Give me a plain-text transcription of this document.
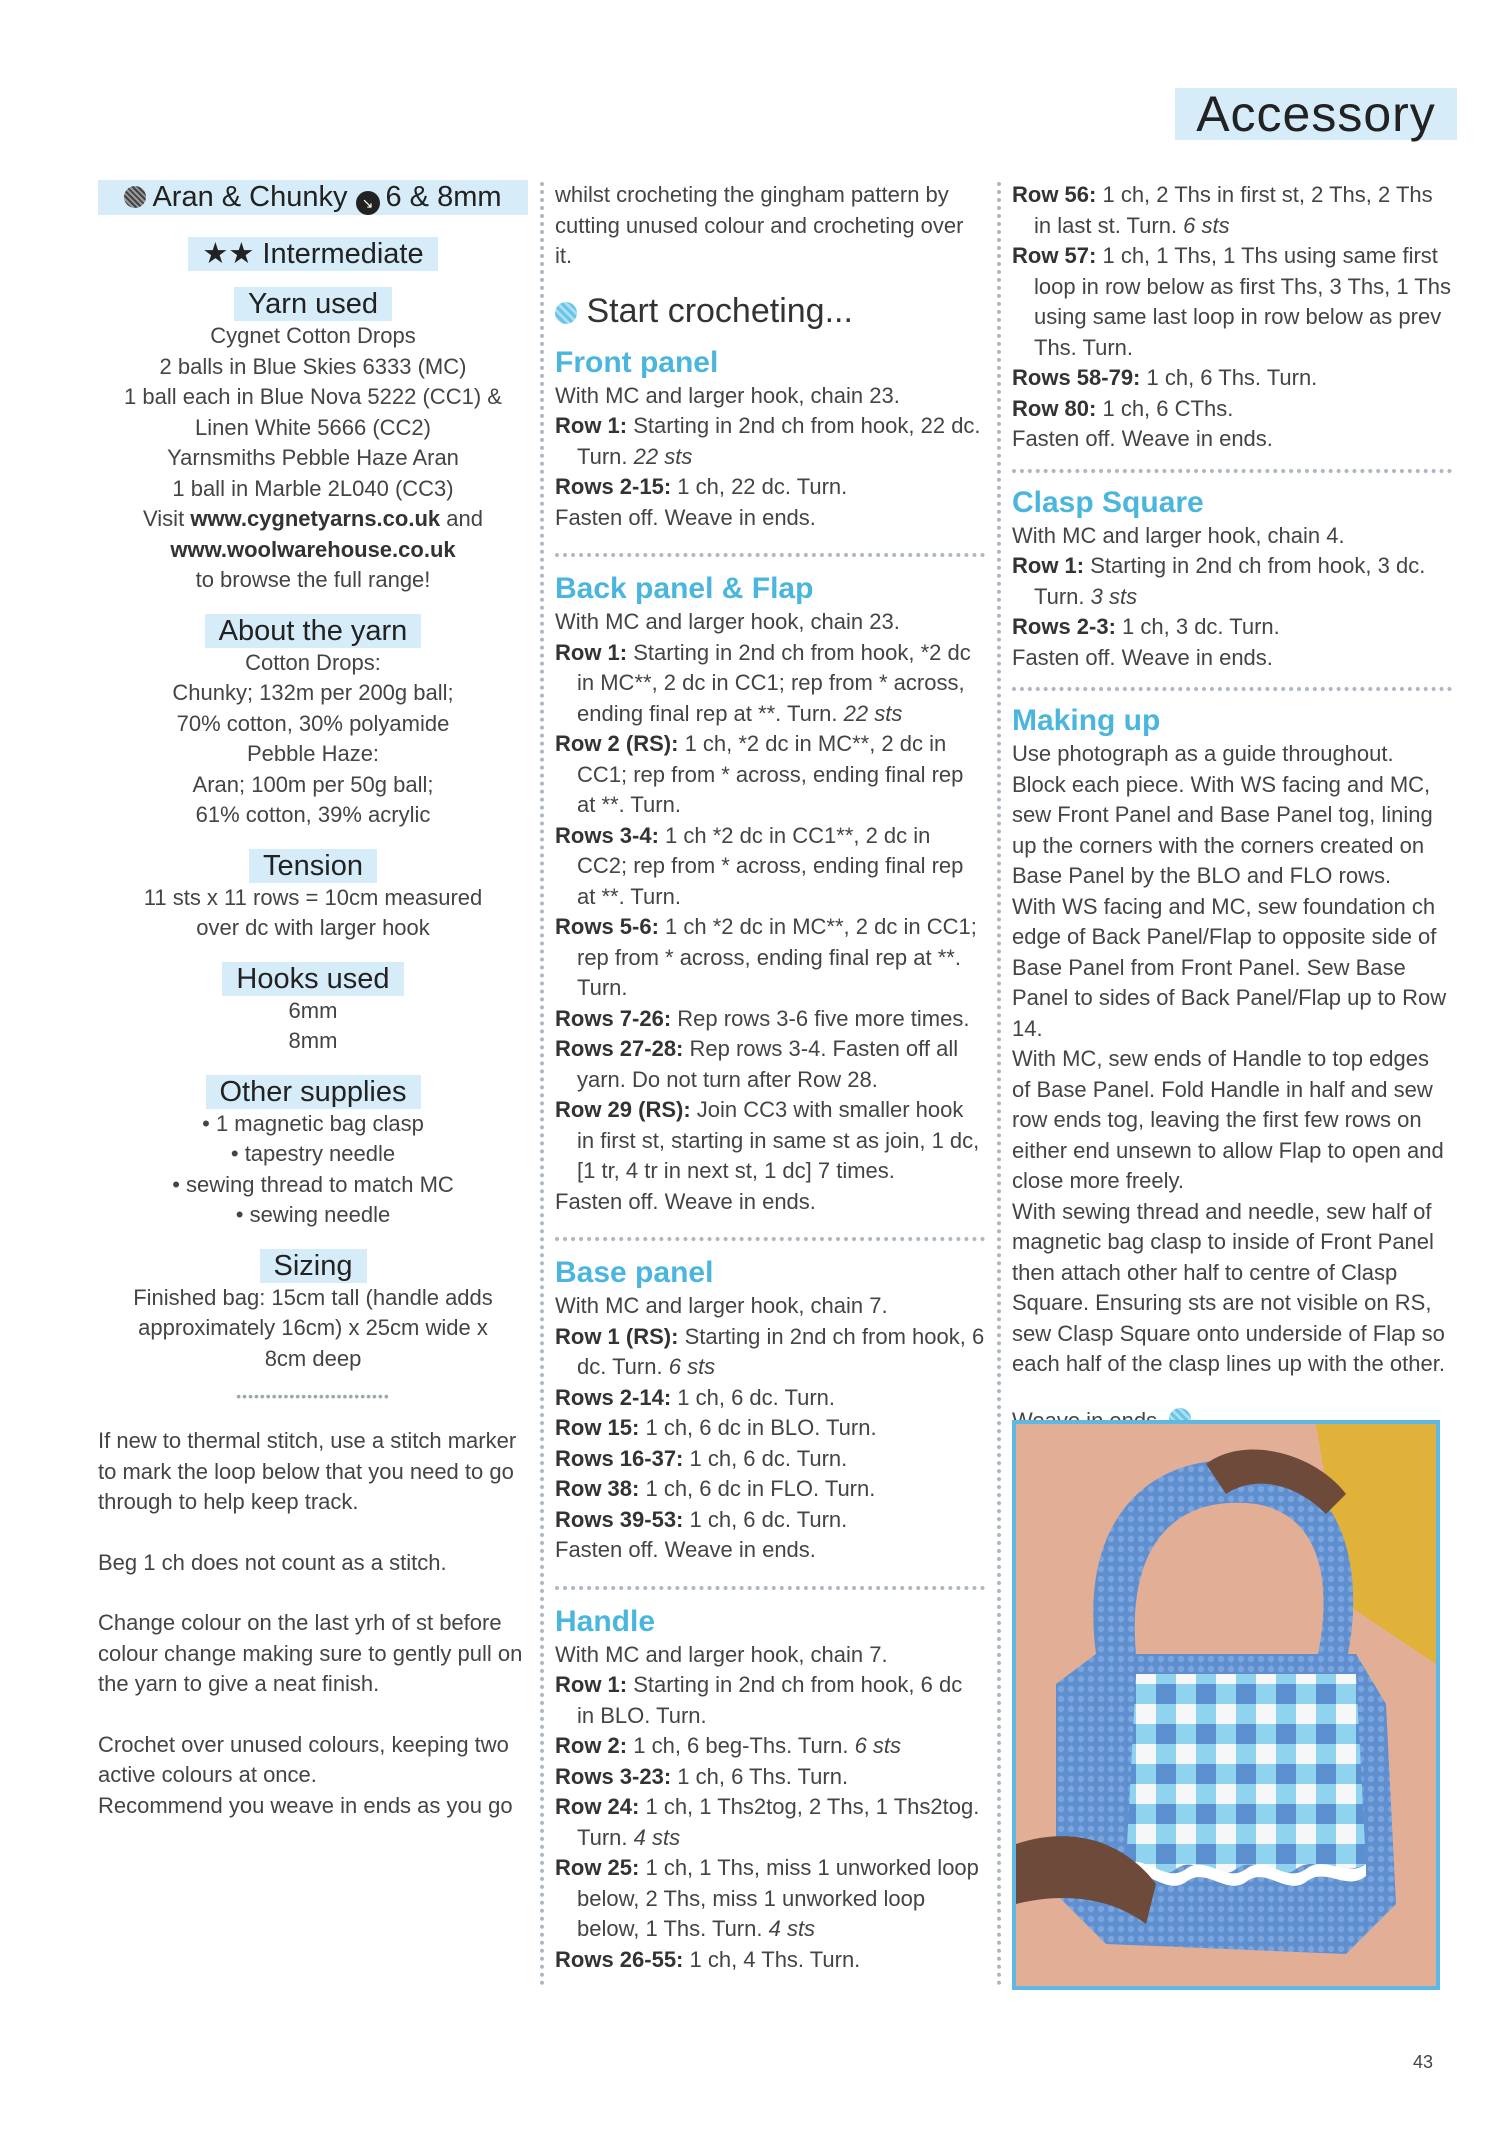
Accessory
Aran & Chunky ↘ 6 & 8mm
★★ Intermediate
Yarn used
Cygnet Cotton Drops
2 balls in Blue Skies 6333 (MC)
1 ball each in Blue Nova 5222 (CC1) &
Linen White 5666 (CC2)
Yarnsmiths Pebble Haze Aran
1 ball in Marble 2L040 (CC3)
Visit www.cygnetyarns.co.uk and
www.woolwarehouse.co.uk
to browse the full range!
About the yarn
Cotton Drops:
Chunky; 132m per 200g ball;
70% cotton, 30% polyamide
Pebble Haze:
Aran; 100m per 50g ball;
61% cotton, 39% acrylic
Tension
11 sts x 11 rows = 10cm measured
over dc with larger hook
Hooks used
6mm
8mm
Other supplies
• 1 magnetic bag clasp
• tapestry needle
• sewing thread to match MC
• sewing needle
Sizing
Finished bag: 15cm tall (handle adds
approximately 16cm) x 25cm wide x
8cm deep
••••••••••••••••••••••••••

If new to thermal stitch, use a stitch marker to mark the loop below that you need to go through to help keep track.

Beg 1 ch does not count as a stitch.

Change colour on the last yrh of st before colour change making sure to gently pull on the yarn to give a neat finish.

Crochet over unused colours, keeping two active colours at once.

Recommend you weave in ends as you go

whilst crocheting the gingham pattern by cutting unused colour and crocheting over it.

Start crocheting...

Front panel

With MC and larger hook, chain 23.

Row 1: Starting in 2nd ch from hook, 22 dc. Turn. 22 sts

Rows 2-15: 1 ch, 22 dc. Turn.

Fasten off. Weave in ends.

Back panel & Flap

With MC and larger hook, chain 23.

Row 1: Starting in 2nd ch from hook, *2 dc in MC**, 2 dc in CC1; rep from * across, ending final rep at **. Turn. 22 sts

Row 2 (RS): 1 ch, *2 dc in MC**, 2 dc in CC1; rep from * across, ending final rep at **. Turn.

Rows 3-4: 1 ch *2 dc in CC1**, 2 dc in CC2; rep from * across, ending final rep at **. Turn.

Rows 5-6: 1 ch *2 dc in MC**, 2 dc in CC1; rep from * across, ending final rep at **. Turn.

Rows 7-26: Rep rows 3-6 five more times.

Rows 27-28: Rep rows 3-4. Fasten off all yarn. Do not turn after Row 28.

Row 29 (RS): Join CC3 with smaller hook in first st, starting in same st as join, 1 dc, [1 tr, 4 tr in next st, 1 dc] 7 times.

Fasten off. Weave in ends.

Base panel

With MC and larger hook, chain 7.

Row 1 (RS): Starting in 2nd ch from hook, 6 dc. Turn. 6 sts

Rows 2-14: 1 ch, 6 dc. Turn.

Row 15: 1 ch, 6 dc in BLO. Turn.

Rows 16-37: 1 ch, 6 dc. Turn.

Row 38: 1 ch, 6 dc in FLO. Turn.

Rows 39-53: 1 ch, 6 dc. Turn.

Fasten off. Weave in ends.

Handle

With MC and larger hook, chain 7.

Row 1: Starting in 2nd ch from hook, 6 dc in BLO. Turn.

Row 2: 1 ch, 6 beg-Ths. Turn. 6 sts

Rows 3-23: 1 ch, 6 Ths. Turn.

Row 24: 1 ch, 1 Ths2tog, 2 Ths, 1 Ths2tog. Turn. 4 sts

Row 25: 1 ch, 1 Ths, miss 1 unworked loop below, 2 Ths, miss 1 unworked loop below, 1 Ths. Turn. 4 sts

Rows 26-55: 1 ch, 4 Ths. Turn.

Row 56: 1 ch, 2 Ths in first st, 2 Ths, 2 Ths in last st. Turn. 6 sts

Row 57: 1 ch, 1 Ths, 1 Ths using same first loop in row below as first Ths, 3 Ths, 1 Ths using same last loop in row below as prev Ths. Turn.

Rows 58-79: 1 ch, 6 Ths. Turn.

Row 80: 1 ch, 6 CThs.

Fasten off. Weave in ends.

Clasp Square

With MC and larger hook, chain 4.

Row 1: Starting in 2nd ch from hook, 3 dc. Turn. 3 sts

Rows 2-3: 1 ch, 3 dc. Turn.

Fasten off. Weave in ends.

Making up

Use photograph as a guide throughout. Block each piece. With WS facing and MC, sew Front Panel and Base Panel tog, lining up the corners with the corners created on Base Panel by the BLO and FLO rows.

With WS facing and MC, sew foundation ch edge of Back Panel/Flap to opposite side of Base Panel from Front Panel. Sew Base Panel to sides of Back Panel/Flap up to Row 14.

With MC, sew ends of Handle to top edges of Base Panel. Fold Handle in half and sew row ends tog, leaving the first few rows on either end unsewn to allow Flap to open and close more freely.

With sewing thread and needle, sew half of magnetic bag clasp to inside of Front Panel then attach other half to centre of Clasp Square. Ensuring sts are not visible on RS, sew Clasp Square onto underside of Flap so each half of the clasp lines up with the other.

43
